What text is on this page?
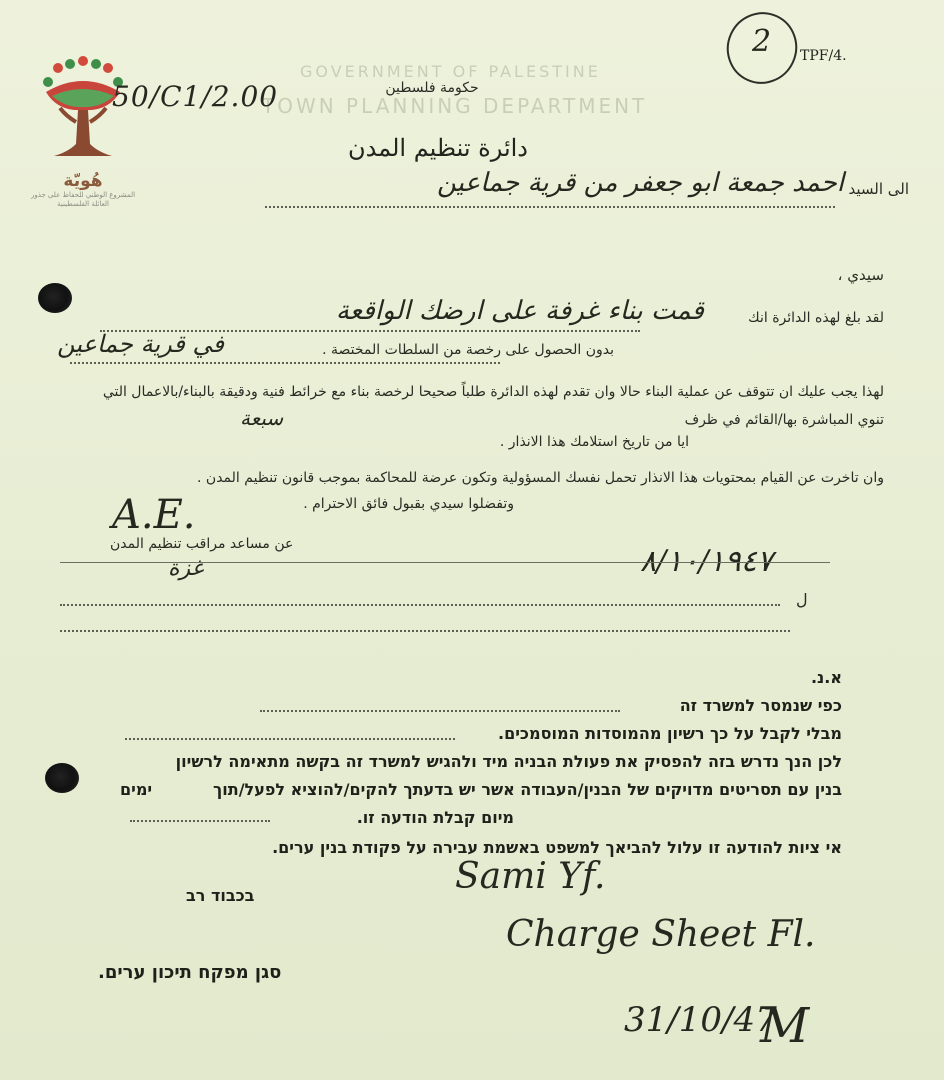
GOVERNMENT OF PALESTINE
TOWN PLANNING DEPARTMENT
هُويّة
المشروع الوطني للحفاظ على جذور العائلة الفلسطينية
50/C1/2.00
2 TPF/4.
حكومة فلسطين
دائرة تنظيم المدن
الى السيد
احمد جمعة ابو جعفر من قرية جماعين
سيدي ،
لقد بلغ لهذه الدائرة انك
قمت بناء غرفة على ارضك الواقعة
في قرية جماعين	بدون الحصول على رخصة من السلطات المختصة .
لهذا يجب عليك ان تتوقف عن عملية البناء حالا وان تقدم لهذه الدائرة طلباً صحيحا لرخصة بناء مع خرائط فنية ودقيقة بالبناء/بالاعمال التي تنوي المباشرة بها/القائم في ظرف
سبعة
ايا من تاريخ استلامك هذا الانذار .
وان تاخرت عن القيام بمحتويات هذا الانذار تحمل نفسك المسؤولية وتكون عرضة للمحاكمة بموجب قانون تنظيم المدن .
وتفضلوا سيدي بقبول فائق الاحترام .
A.E.
عن مساعد مراقب تنظيم المدن
غزة	٨/١٠/١٩٤٧
ل
א.נ.
כפי שנמסר למשרד זה
מבלי לקבל על כך רשיון מהמוסדות המוסמכים.
לכן הנך נדרש בזה להפסיק את פעולת הבניה מיד ולהגיש למשרד זה בקשה מתאימה לרשיון
ימים	בנין עם תסריטים מדויקים של הבנין/העבודה אשר יש בדעתך להקים/להוציא לפעל/תוך
מיום קבלת הודעה זו.
אי ציות להודעה זו עלול להביאך למשפט באשמת עבירה על פקודת בנין ערים.
בכבוד רב
סגן מפקח תיכון ערים.
Sami Yf.
Charge Sheet Fl.
31/10/47
M
